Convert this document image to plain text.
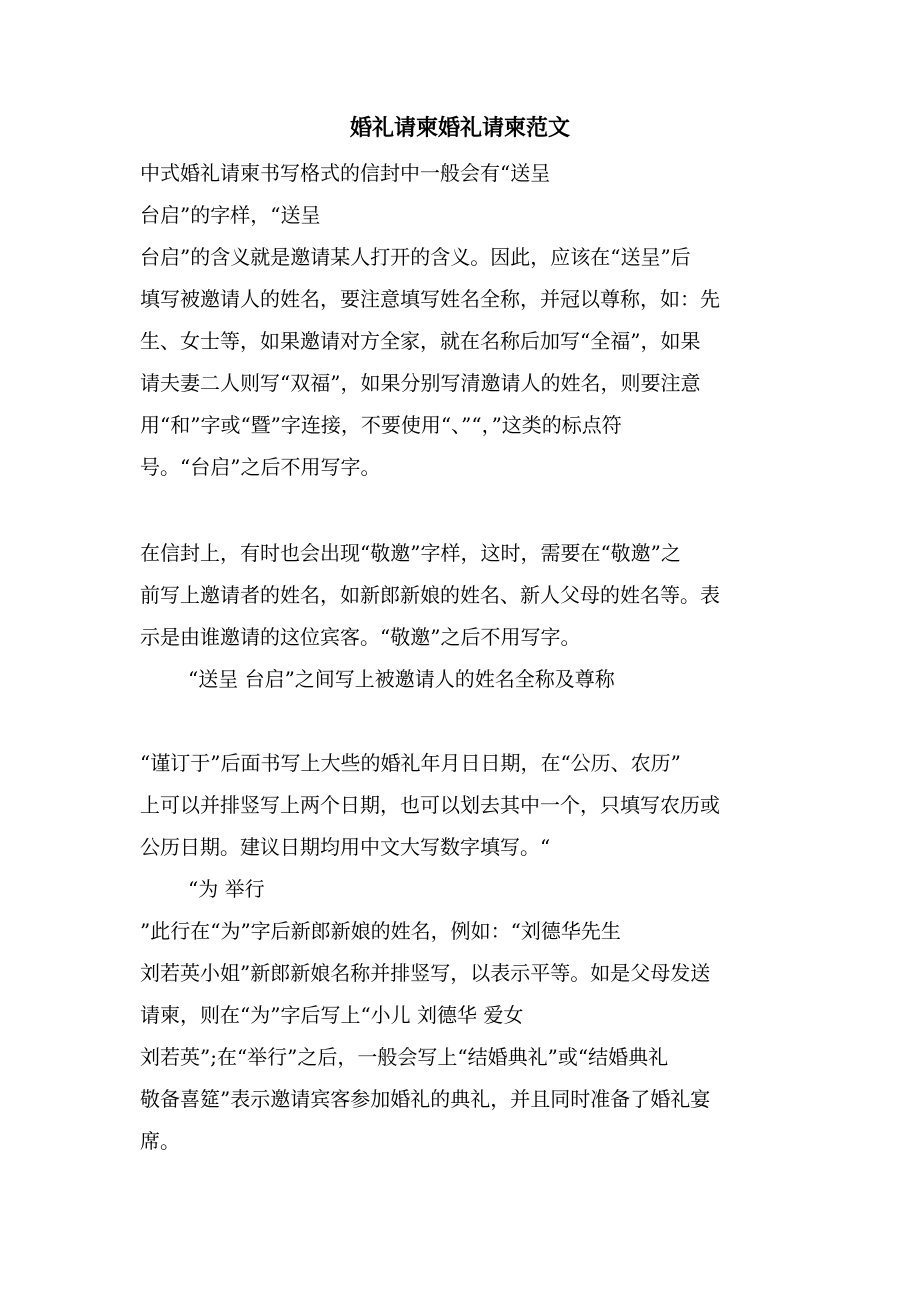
婚礼请柬婚礼请柬范文

中式婚礼请柬书写格式的信封中一般会有“送呈

台启”的字样，“送呈

台启”的含义就是邀请某人打开的含义。因此，应该在“送呈”后

填写被邀请人的姓名，要注意填写姓名全称，并冠以尊称，如：先

生、女士等，如果邀请对方全家，就在名称后加写“全福”，如果

请夫妻二人则写“双福”，如果分别写清邀请人的姓名，则要注意

用“和”字或“暨”字连接，不要使用“、”“，”这类的标点符

号。“台启”之后不用写字。

在信封上，有时也会出现“敬邀”字样，这时，需要在“敬邀”之

前写上邀请者的姓名，如新郎新娘的姓名、新人父母的姓名等。表

示是由谁邀请的这位宾客。“敬邀”之后不用写字。

“送呈 台启”之间写上被邀请人的姓名全称及尊称

“谨订于”后面书写上大些的婚礼年月日日期，在“公历、农历”

上可以并排竖写上两个日期，也可以划去其中一个，只填写农历或

公历日期。建议日期均用中文大写数字填写。“

“为 举行

”此行在“为”字后新郎新娘的姓名，例如：“刘德华先生

刘若英小姐”新郎新娘名称并排竖写，以表示平等。如是父母发送

请柬，则在“为”字后写上“小儿 刘德华 爱女

刘若英”;在“举行”之后，一般会写上“结婚典礼”或“结婚典礼

敬备喜筵”表示邀请宾客参加婚礼的典礼，并且同时准备了婚礼宴

席。
